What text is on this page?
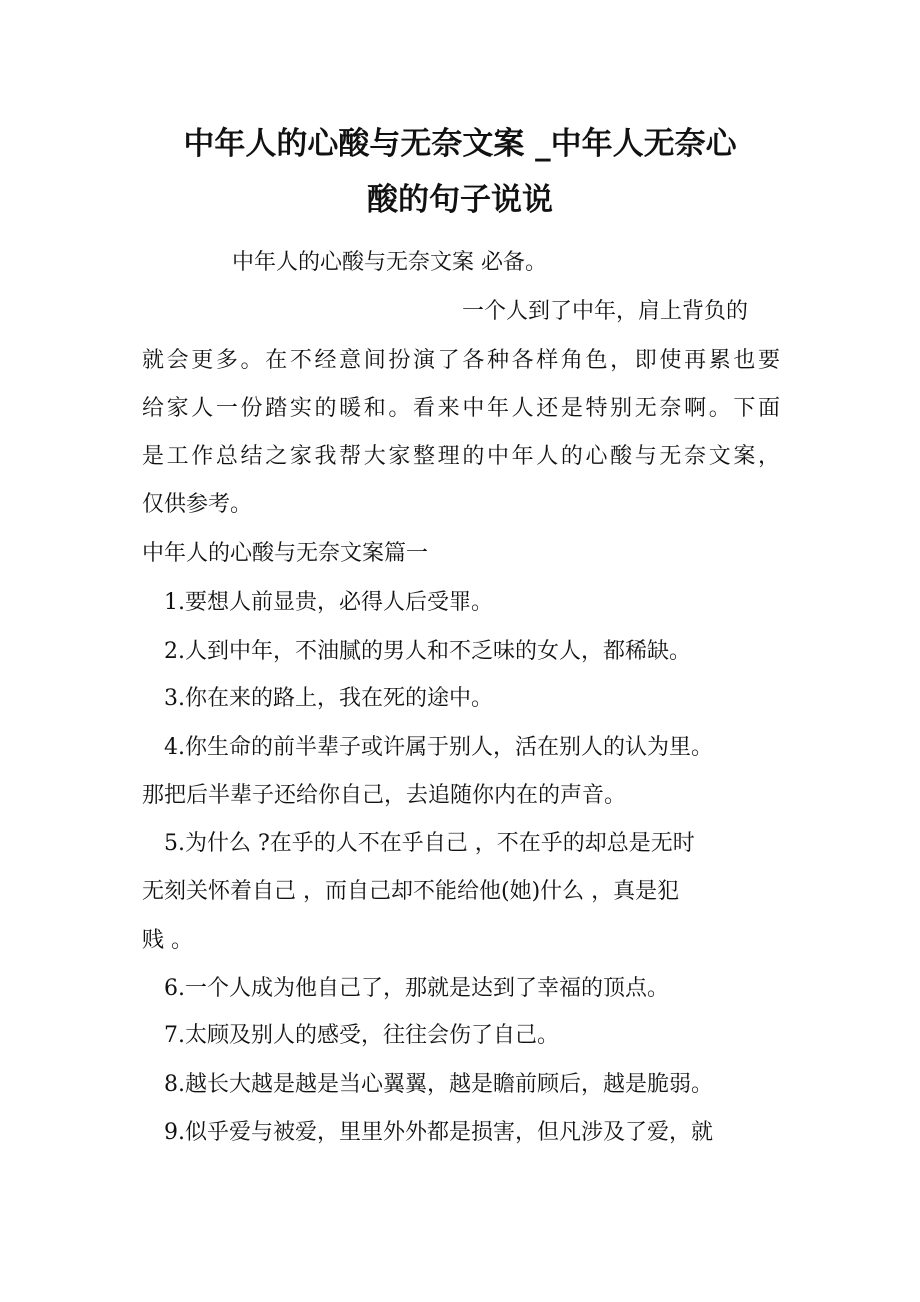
中年人的心酸与无奈文案 _中年人无奈心
酸的句子说说

中年人的心酸与无奈文案 必备。

一个人到了中年，肩上背负的

就会更多。在不经意间扮演了各种各样角色，即使再累也要

给家人一份踏实的暖和。看来中年人还是特别无奈啊。下面

是工作总结之家我帮大家整理的中年人的心酸与无奈文案，

仅供参考。

中年人的心酸与无奈文案篇一

1.要想人前显贵，必得人后受罪。

2.人到中年，不油腻的男人和不乏味的女人，都稀缺。

3.你在来的路上，我在死的途中。

4.你生命的前半辈子或许属于别人，活在别人的认为里。

那把后半辈子还给你自己，去追随你内在的声音。

5.为什么 ?在乎的人不在乎自己 ，不在乎的却总是无时

无刻关怀着自己 ，而自己却不能给他(她)什么 ，真是犯

贱 。

6.一个人成为他自己了，那就是达到了幸福的顶点。

7.太顾及别人的感受，往往会伤了自己。

8.越长大越是越是当心翼翼，越是瞻前顾后，越是脆弱。

9.似乎爱与被爱，里里外外都是损害，但凡涉及了爱，就
